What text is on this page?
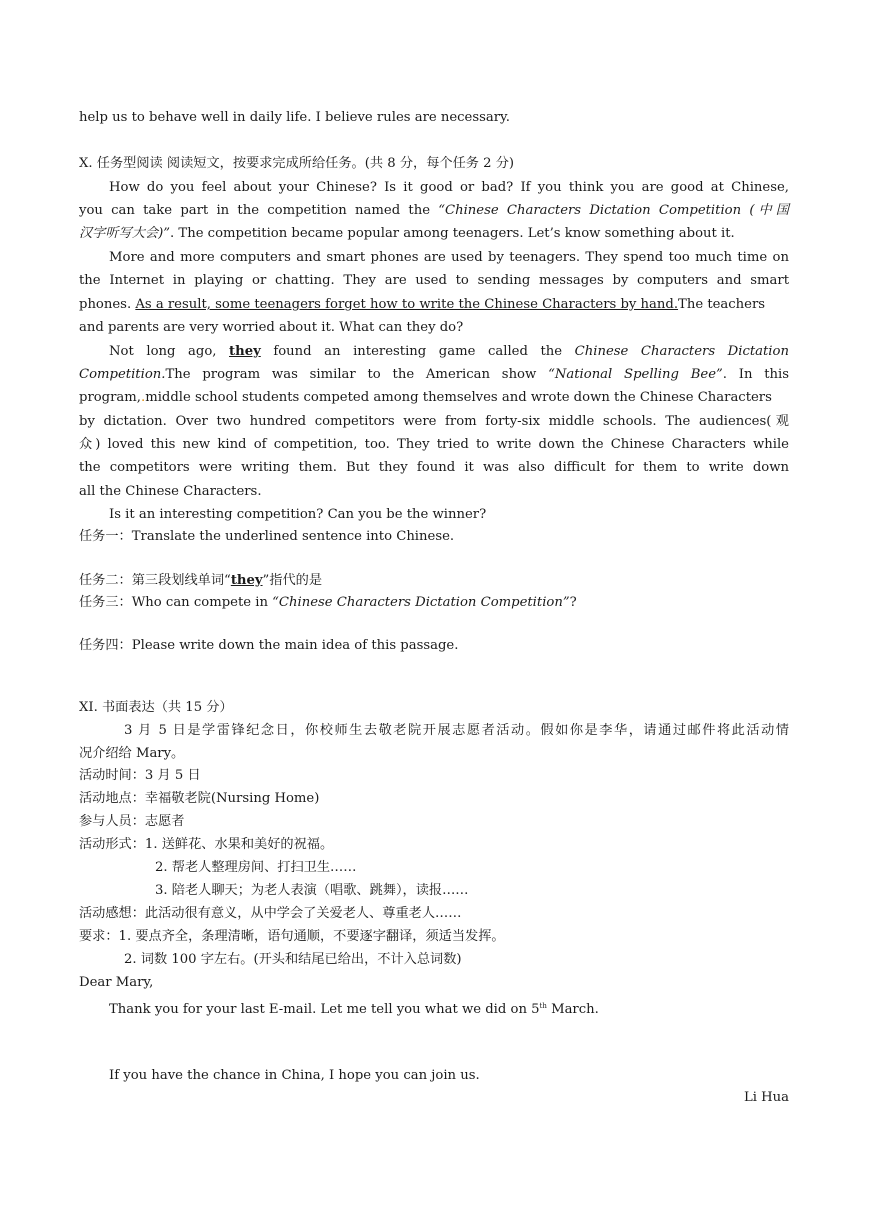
help us to behave well in daily life. I believe rules are necessary.
X. 任务型阅读 阅读短文，按要求完成所给任务。(共 8 分，每个任务 2 分)
How do you feel about your Chinese? Is it good or bad? If you think you are good at Chinese,
you can take part in the competition named the “Chinese Characters Dictation Competition (中国
汉字听写大会)”. The competition became popular among teenagers. Let’s know something about it.
More and more computers and smart phones are used by teenagers. They spend too much time on
the Internet in playing or chatting. They are used to sending messages by computers and smart
phones. As a result, some teenagers forget how to write the Chinese Characters by hand.The teachers
and parents are very worried about it. What can they do?
Not long ago, they found an interesting game called the Chinese Characters Dictation
Competition.The program was similar to the American show “National Spelling Bee”. In this
program,.middle school students competed among themselves and wrote down the Chinese Characters
by dictation. Over two hundred competitors were from forty-six middle schools. The audiences(观
众) loved this new kind of competition, too. They tried to write down the Chinese Characters while
the competitors were writing them. But they found it was also difficult for them to write down
all the Chinese Characters.
Is it an interesting competition? Can you be the winner?
任务一：Translate the underlined sentence into Chinese.
任务二：第三段划线单词“they”指代的是
任务三：Who can compete in “Chinese Characters Dictation Competition”?
任务四：Please write down the main idea of this passage.
XI. 书面表达（共 15 分）
3 月 5 日是学雷锋纪念日，你校师生去敬老院开展志愿者活动。假如你是李华，请通过邮件将此活动情
况介绍给 Mary。
活动时间：3 月 5 日
活动地点：幸福敬老院(Nursing Home)
参与人员：志愿者
活动形式：1. 送鲜花、水果和美好的祝福。
2. 帮老人整理房间、打扫卫生……
3. 陪老人聊天；为老人表演（唱歌、跳舞），读报……
活动感想：此活动很有意义，从中学会了关爱老人、尊重老人……
要求：1. 要点齐全，条理清晰，语句通顺，不要逐字翻译，须适当发挥。
2. 词数 100 字左右。(开头和结尾已给出，不计入总词数)
Dear Mary,
Thank you for your last E-mail. Let me tell you what we did on 5th March.
If you have the chance in China, I hope you can join us.
Li Hua
